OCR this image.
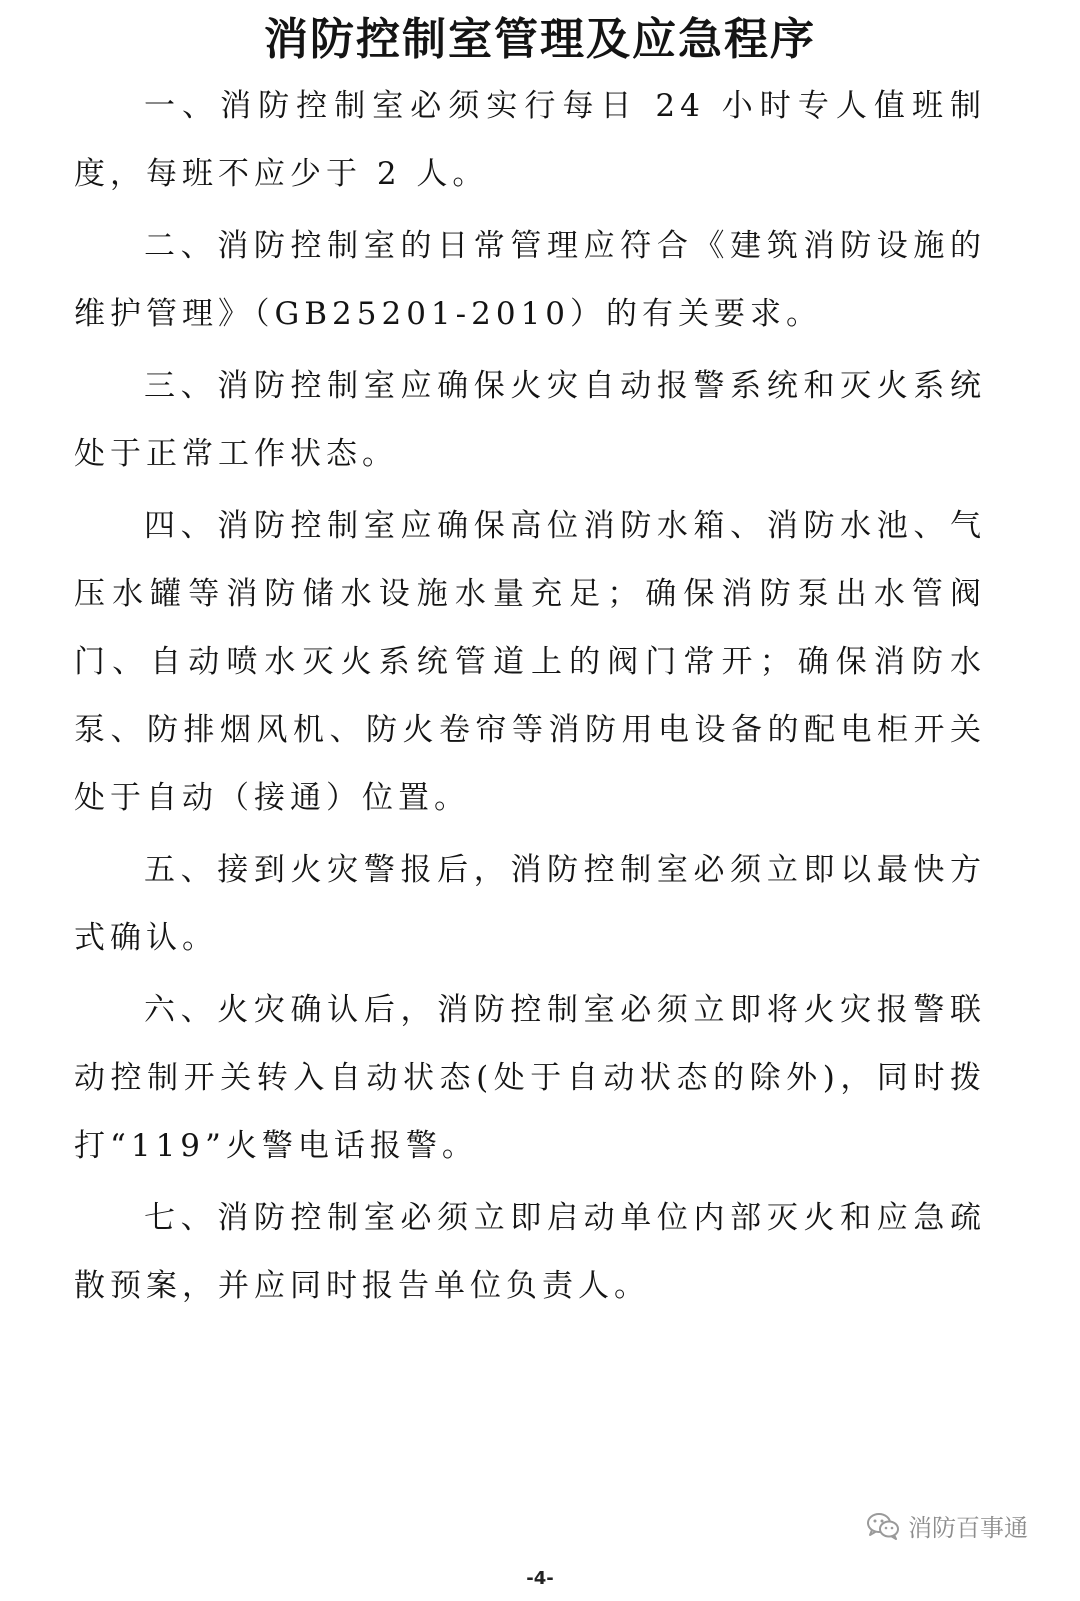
消防控制室管理及应急程序

一、消防控制室必须实行每日 24 小时专人值班制度，每班不应少于 2 人。

二、消防控制室的日常管理应符合《建筑消防设施的维护管理》（GB25201-2010）的有关要求。

三、消防控制室应确保火灾自动报警系统和灭火系统处于正常工作状态。

四、消防控制室应确保高位消防水箱、消防水池、气压水罐等消防储水设施水量充足；确保消防泵出水管阀门、自动喷水灭火系统管道上的阀门常开；确保消防水泵、防排烟风机、防火卷帘等消防用电设备的配电柜开关处于自动（接通）位置。

五、接到火灾警报后，消防控制室必须立即以最快方式确认。

六、火灾确认后，消防控制室必须立即将火灾报警联动控制开关转入自动状态(处于自动状态的除外)，同时拨打“119”火警电话报警。

七、消防控制室必须立即启动单位内部灭火和应急疏散预案，并应同时报告单位负责人。

消防百事通
-4-
